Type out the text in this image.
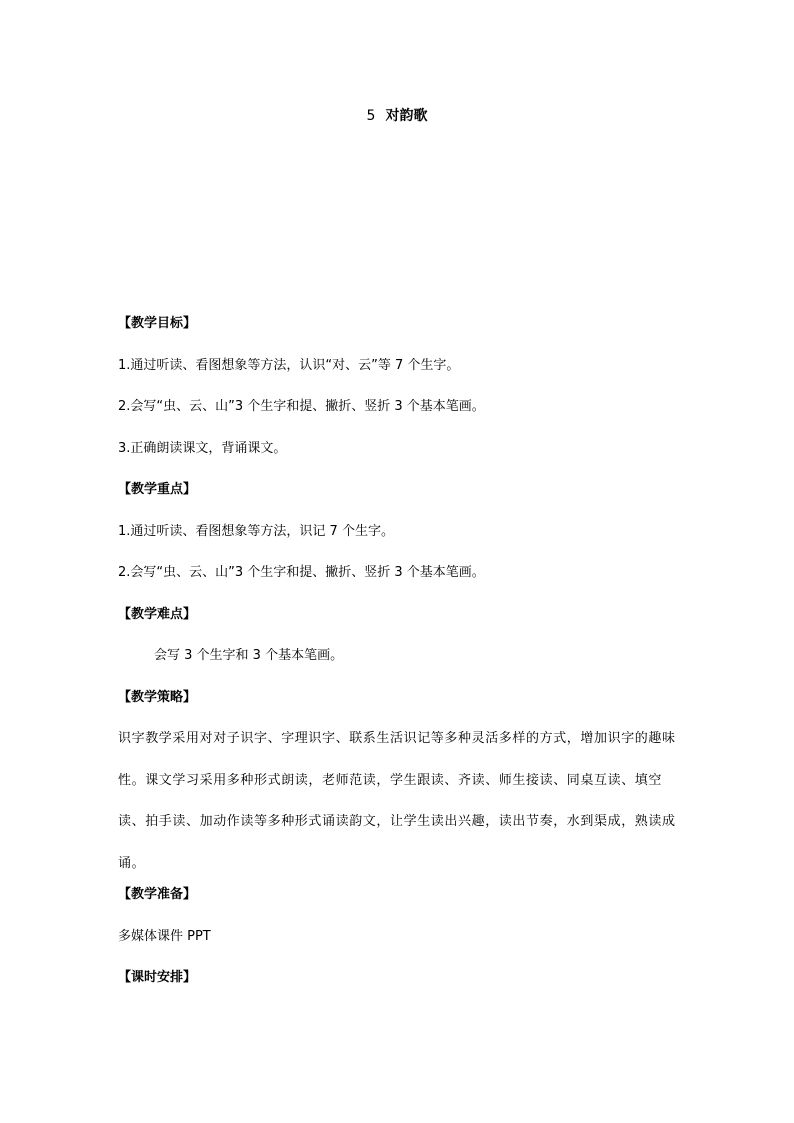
5 对韵歌
【教学目标】
1.通过听读、看图想象等方法，认识“对、云”等 7 个生字。
2.会写“虫、云、山”3 个生字和提、撇折、竖折 3 个基本笔画。
3.正确朗读课文，背诵课文。
【教学重点】
1.通过听读、看图想象等方法，识记 7 个生字。
2.会写“虫、云、山”3 个生字和提、撇折、竖折 3 个基本笔画。
【教学难点】
会写 3 个生字和 3 个基本笔画。
【教学策略】

识字教学采用对对子识字、字理识字、联系生活识记等多种灵活多样的方式，增加识字的趣味性。课文学习采用多种形式朗读，老师范读，学生跟读、齐读、师生接读、同桌互读、填空读、拍手读、加动作读等多种形式诵读韵文，让学生读出兴趣，读出节奏，水到渠成，熟读成诵。

【教学准备】
多媒体课件 PPT
【课时安排】
